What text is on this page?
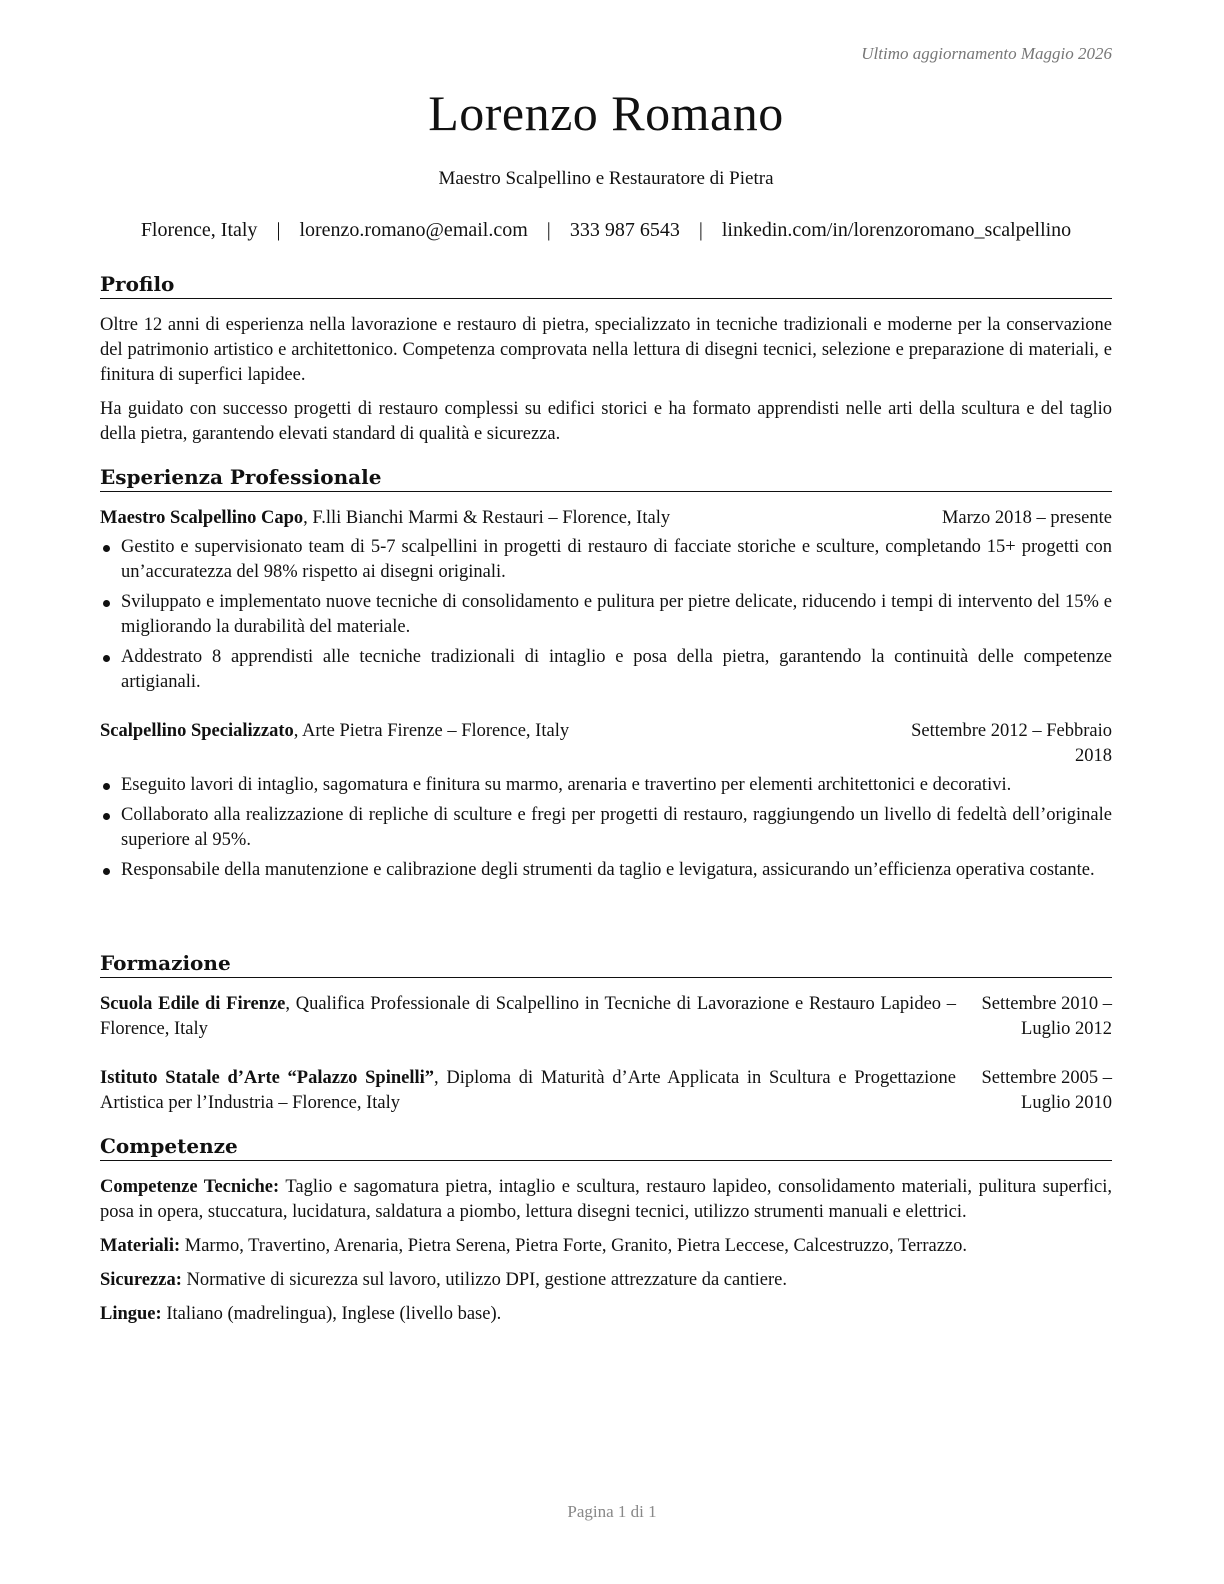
Ultimo aggiornamento Maggio 2026
Lorenzo Romano
Maestro Scalpellino e Restauratore di Pietra
Florence, Italy | lorenzo.romano@email.com | 333 987 6543 | linkedin.com/in/lorenzoromano_scalpellino
Profilo

Oltre 12 anni di esperienza nella lavorazione e restauro di pietra, specializzato in tecniche tradizionali e moderne per la conservazione del patrimonio artistico e architettonico. Competenza comprovata nella lettura di disegni tecnici, selezione e preparazione di materiali, e finitura di superfici lapidee.

Ha guidato con successo progetti di restauro complessi su edifici storici e ha formato apprendisti nelle arti della scultura e del taglio della pietra, garantendo elevati standard di qualità e sicurezza.

Esperienza Professionale
Maestro Scalpellino Capo, F.lli Bianchi Marmi & Restauri – Florence, Italy	Marzo 2018 – presente
Gestito e supervisionato team di 5-7 scalpellini in progetti di restauro di facciate storiche e sculture, completando 15+ progetti con un’accuratezza del 98% rispetto ai disegni originali.
Sviluppato e implementato nuove tecniche di consolidamento e pulitura per pietre delicate, riducendo i tempi di intervento del 15% e migliorando la durabilità del materiale.
Addestrato 8 apprendisti alle tecniche tradizionali di intaglio e posa della pietra, garantendo la continuità delle competenze artigianali.
Scalpellino Specializzato, Arte Pietra Firenze – Florence, Italy	Settembre 2012 – Febbraio 2018
Eseguito lavori di intaglio, sagomatura e finitura su marmo, arenaria e travertino per elementi architettonici e decorativi.
Collaborato alla realizzazione di repliche di sculture e fregi per progetti di restauro, raggiungendo un livello di fedeltà dell’originale superiore al 95%.
Responsabile della manutenzione e calibrazione degli strumenti da taglio e levigatura, assicurando un’efficienza operativa costante.
Formazione
Scuola Edile di Firenze, Qualifica Professionale di Scalpellino in Tecniche di Lavorazione e Restauro Lapideo – Florence, Italy
Settembre 2010 – Luglio 2012
Istituto Statale d’Arte “Palazzo Spinelli”, Diploma di Maturità d’Arte Applicata in Scultura e Progettazione Artistica per l’Industria – Florence, Italy
Settembre 2005 – Luglio 2010
Competenze

Competenze Tecniche: Taglio e sagomatura pietra, intaglio e scultura, restauro lapideo, consolidamento materiali, pulitura superfici, posa in opera, stuccatura, lucidatura, saldatura a piombo, lettura disegni tecnici, utilizzo strumenti manuali e elettrici.

Materiali: Marmo, Travertino, Arenaria, Pietra Serena, Pietra Forte, Granito, Pietra Leccese, Calcestruzzo, Terrazzo.

Sicurezza: Normative di sicurezza sul lavoro, utilizzo DPI, gestione attrezzature da cantiere.

Lingue: Italiano (madrelingua), Inglese (livello base).

Pagina 1 di 1
